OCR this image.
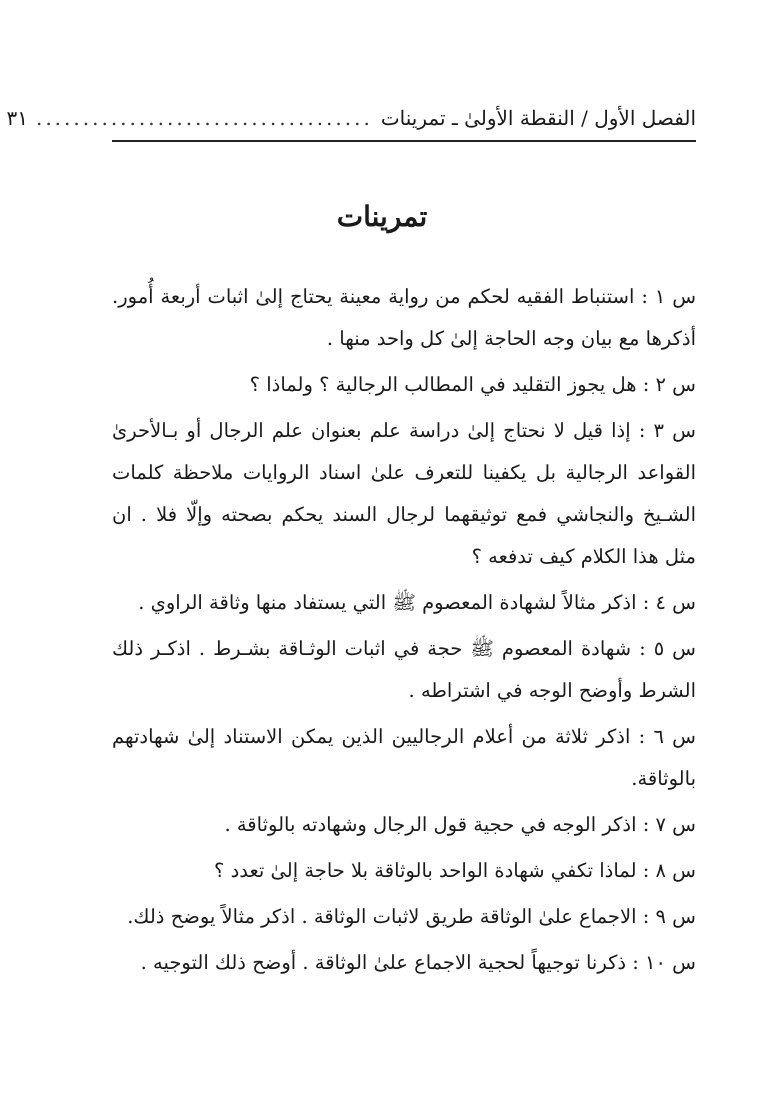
الفصل الأول / النقطة الأولىٰ ـ تمرينات
....................................
٣١
تمرينات

س ١ : استنباط الفقيه لحكم من رواية معينة يحتاج إلىٰ اثبات أربعة أُمور. أذكرها مع بيان وجه الحاجة إلىٰ كل واحد منها .

س ٢ : هل يجوز التقليد في المطالب الرجالية ؟ ولماذا ؟

س ٣ : إذا قيل لا نحتاج إلىٰ دراسة علم بعنوان علم الرجال أو بـالأحرىٰ القواعد الرجالية بل يكفينا للتعرف علىٰ اسناد الروايات ملاحظة كلمات الشـيخ والنجاشي فمع توثيقهما لرجال السند يحكم بصحته وإلّا فلا . ان مثل هذا الكلام كيف تدفعه ؟

س ٤ : اذكر مثالاً لشهادة المعصوم ﷺ التي يستفاد منها وثاقة الراوي .

س ٥ : شهادة المعصوم ﷺ حجة في اثبات الوثـاقة بشـرط . اذكـر ذلك الشرط وأوضح الوجه في اشتراطه .

س ٦ : اذكر ثلاثة من أعلام الرجاليين الذين يمكن الاستناد إلىٰ شهادتهم بالوثاقة.

س ٧ : اذكر الوجه في حجية قول الرجال وشهادته بالوثاقة .

س ٨ : لماذا تكفي شهادة الواحد بالوثاقة بلا حاجة إلىٰ تعدد ؟

س ٩ : الاجماع علىٰ الوثاقة طريق لاثبات الوثاقة . اذكر مثالاً يوضح ذلك.

س ١٠ : ذكرنا توجيهاً لحجية الاجماع علىٰ الوثاقة . أوضح ذلك التوجيه .
